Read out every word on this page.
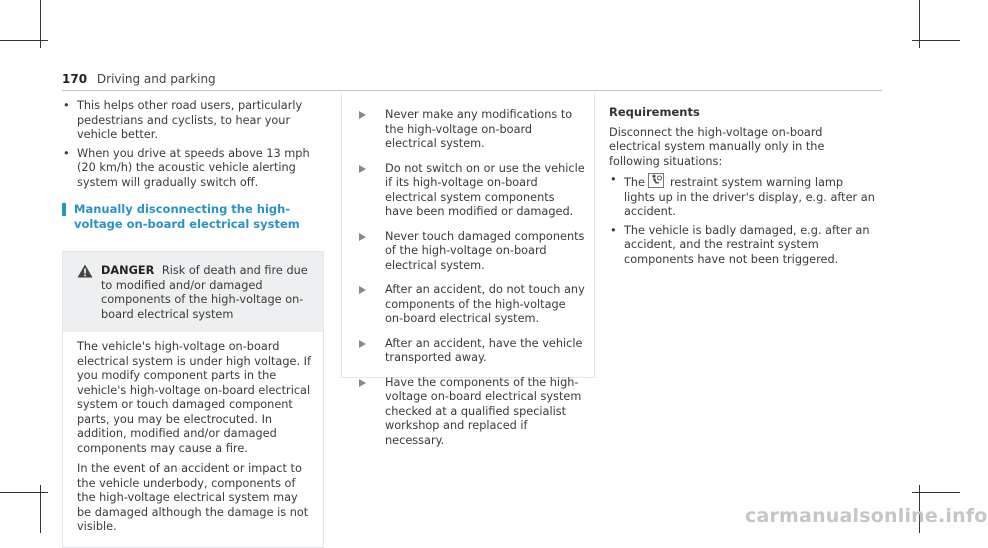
170 Driving and parking
• This helps other road users, particularly pedestrians and cyclists, to hear your vehicle better.
• When you drive at speeds above 13 mph (20 km/h) the acoustic vehicle alerting system will gradually switch off.
Manually disconnecting the high-voltage on-board electrical system
DANGER Risk of death and fire due to modified and/or damaged components of the high-voltage on-board electrical system

The vehicle's high-voltage on-board electrical system is under high voltage. If you modify component parts in the vehicle's high-voltage on-board electrical system or touch damaged component parts, you may be electrocuted. In addition, modified and/or damaged components may cause a fire.

In the event of an accident or impact to the vehicle underbody, components of the high-voltage electrical system may be damaged although the damage is not visible.

Never make any modifications to the high-voltage on-board electrical system.
Do not switch on or use the vehicle if its high-voltage on-board electrical system components have been modified or damaged.
Never touch damaged components of the high-voltage on-board electrical system.
After an accident, do not touch any components of the high-voltage on-board electrical system.
After an accident, have the vehicle transported away.
Have the components of the high-voltage on-board electrical system checked at a qualified specialist workshop and replaced if necessary.
Requirements
Disconnect the high-voltage on-board electrical system manually only in the following situations:
• The restraint system warning lamp lights up in the driver's display, e.g. after an accident.
• The vehicle is badly damaged, e.g. after an accident, and the restraint system components have not been triggered.
carmanualsonline.info
